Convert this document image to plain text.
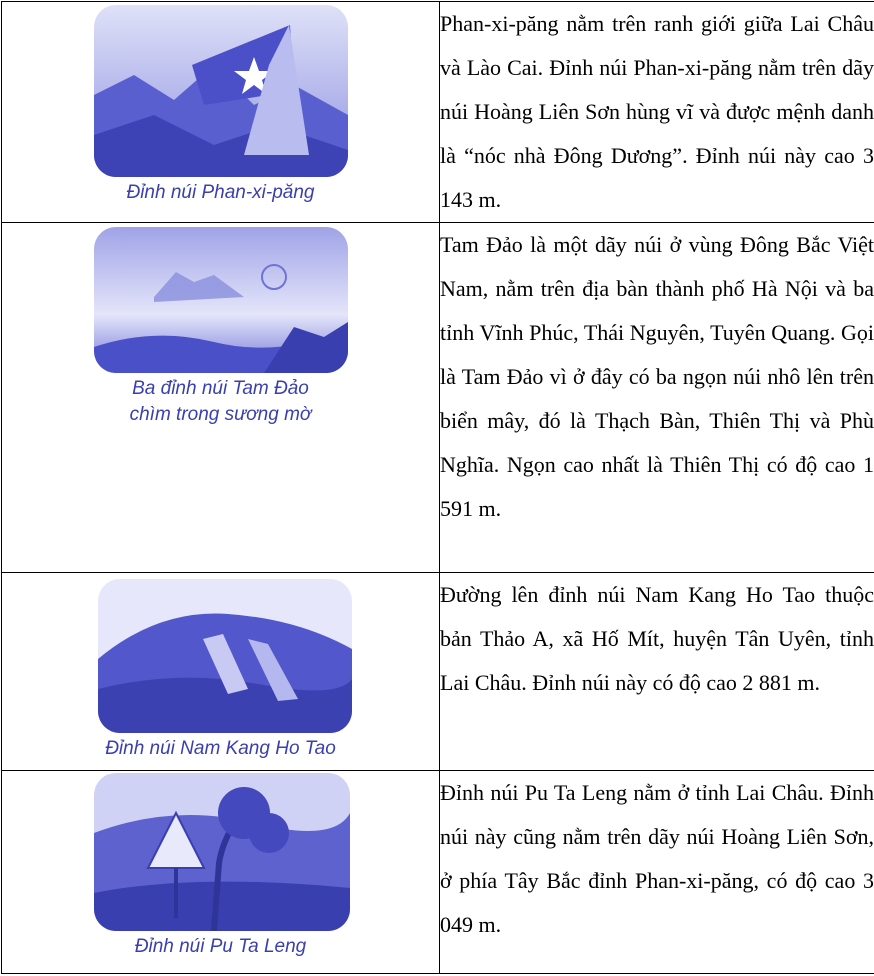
Đỉnh núi Phan-xi-păng	Phan-xi-păng nằm trên ranh giới giữa Lai Châu và Lào Cai. Đỉnh núi Phan-xi-păng nằm trên dãy núi Hoàng Liên Sơn hùng vĩ và được mệnh danh là “nóc nhà Đông Dương”. Đỉnh núi này cao 3 143 m.

Ba đỉnh núi Tam Đảo
chìm trong sương mờ	Tam Đảo là một dãy núi ở vùng Đông Bắc Việt Nam, nằm trên địa bàn thành phố Hà Nội và ba tỉnh Vĩnh Phúc, Thái Nguyên, Tuyên Quang. Gọi là Tam Đảo vì ở đây có ba ngọn núi nhô lên trên biển mây, đó là Thạch Bàn, Thiên Thị và Phù Nghĩa. Ngọn cao nhất là Thiên Thị có độ cao 1 591 m.

Đỉnh núi Nam Kang Ho Tao	Đường lên đỉnh núi Nam Kang Ho Tao thuộc bản Thảo A, xã Hố Mít, huyện Tân Uyên, tỉnh Lai Châu. Đỉnh núi này có độ cao 2 881 m.

Đỉnh núi Pu Ta Leng	Đỉnh núi Pu Ta Leng nằm ở tỉnh Lai Châu. Đỉnh núi này cũng nằm trên dãy núi Hoàng Liên Sơn, ở phía Tây Bắc đỉnh Phan-xi-păng, có độ cao 3 049 m.
